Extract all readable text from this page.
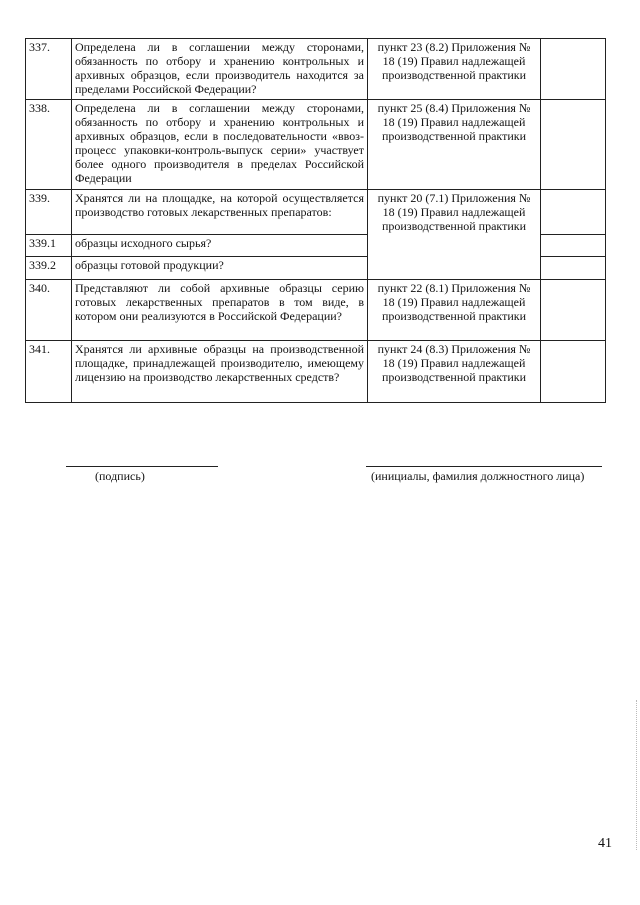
337.	Определена ли в соглашении между сторонами, обязанность по отбору и хранению контрольных и архивных образцов, если производитель находится за пределами Российской Федерации?	пункт 23 (8.2) Приложения № 18 (19) Правил надлежащей производственной практики	
338.	Определена ли в соглашении между сторонами, обязанность по отбору и хранению контрольных и архивных образцов, если в последовательности «ввоз-процесс упаковки-контроль-выпуск серии» участвует более одного производителя в пределах Российской Федерации	пункт 25 (8.4) Приложения № 18 (19) Правил надлежащей производственной практики	
339.	Хранятся ли на площадке, на которой осуществляется производство готовых лекарственных препаратов:	пункт 20 (7.1) Приложения № 18 (19) Правил надлежащей производственной практики	
339.1	образцы исходного сырья?		
339.2	образцы готовой продукции?		
340.	Представляют ли собой архивные образцы серию готовых лекарственных препаратов в том виде, в котором они реализуются в Российской Федерации?	пункт 22 (8.1) Приложения № 18 (19) Правил надлежащей производственной практики	
341.	Хранятся ли архивные образцы на производственной площадке, принадлежащей производителю, имеющему лицензию на производство лекарственных средств?	пункт 24 (8.3) Приложения № 18 (19) Правил надлежащей производственной практики	
(подпись)	(инициалы, фамилия должностного лица)
41
